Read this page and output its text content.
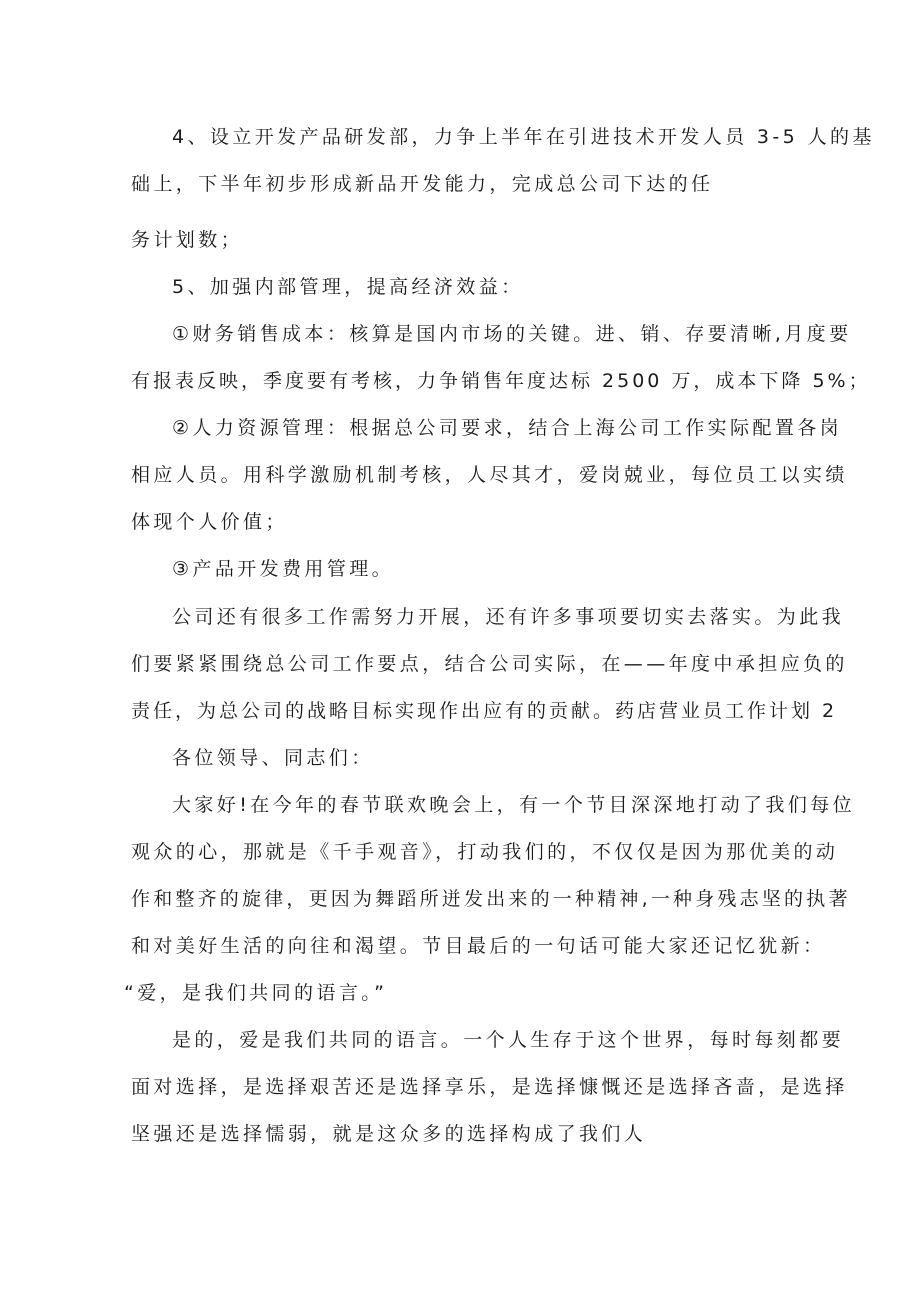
4、设立开发产品研发部，力争上半年在引进技术开发人员 3-5 人的基
础上，下半年初步形成新品开发能力，完成总公司下达的任
务计划数；
5、加强内部管理，提高经济效益：
①财务销售成本：核算是国内市场的关键。进、销、存要清晰,月度要
有报表反映，季度要有考核，力争销售年度达标 2500 万，成本下降 5%；
②人力资源管理：根据总公司要求，结合上海公司工作实际配置各岗
相应人员。用科学激励机制考核，人尽其才，爱岗兢业，每位员工以实绩
体现个人价值；
③产品开发费用管理。
公司还有很多工作需努力开展，还有许多事项要切实去落实。为此我
们要紧紧围绕总公司工作要点，结合公司实际，在——年度中承担应负的
责任，为总公司的战略目标实现作出应有的贡献。药店营业员工作计划 2
各位领导、同志们：
大家好!在今年的春节联欢晚会上，有一个节目深深地打动了我们每位
观众的心，那就是《千手观音》，打动我们的，不仅仅是因为那优美的动
作和整齐的旋律，更因为舞蹈所迸发出来的一种精神,一种身残志坚的执著
和对美好生活的向往和渴望。节目最后的一句话可能大家还记忆犹新：
“爱，是我们共同的语言。”
是的，爱是我们共同的语言。一个人生存于这个世界，每时每刻都要
面对选择，是选择艰苦还是选择享乐，是选择慷慨还是选择吝啬，是选择
坚强还是选择懦弱，就是这众多的选择构成了我们人
